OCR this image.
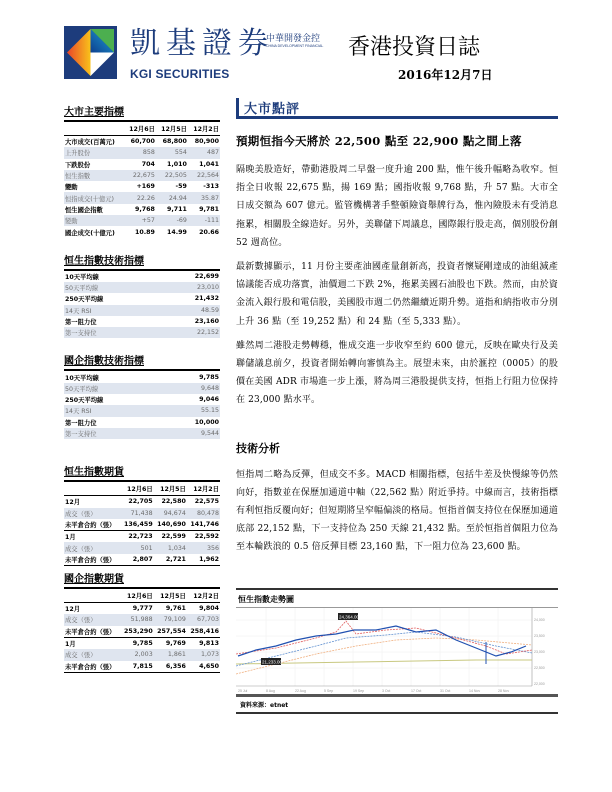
凱基證券
KGI SECURITIES
中華開發金控
CHINA DEVELOPMENT FINANCIAL 香港投資日誌
2016年12月7日
大市主要指標
	12月6日	12月5日	12月2日
大市成交(百萬元)	60,700	68,800	80,900
上升股份	858	554	487
下跌股份	704	1,010	1,041
恒生指數	22,675	22,505	22,564
變動	+169	-59	-313
恒指成交(十億元)	22.26	24.94	35.87
恒生國企指數	9,768	9,711	9,781
變動	+57	-69	-111
國企成交(十億元)	10.89	14.99	20.66
恒生指數技術指標
10天平均線	22,699
50天平均線	23,010
250天平均線	21,432
14天 RSI	48.59
第一阻力位	23,160
第一支持位	22,152
國企指數技術指標
10天平均線	9,785
50天平均線	9,648
250天平均線	9,046
14天 RSI	55.15
第一阻力位	10,000
第一支持位	9,544
恒生指數期貨
	12月6日	12月5日	12月2日
12月	22,705	22,580	22,575
成交（張）	71,438	94,674	80,478
未平倉合約（張）	136,459	140,690	141,746
1月	22,723	22,599	22,592
成交（張）	501	1,034	356
未平倉合約（張）	2,807	2,721	1,962
國企指數期貨
	12月6日	12月5日	12月2日
12月	9,777	9,761	9,804
成交（張）	51,988	79,109	67,703
未平倉合約（張）	253,290	257,554	258,416
1月	9,785	9,769	9,813
成交（張）	2,003	1,861	1,073
未平倉合約（張）	7,815	6,356	4,650
大市點評
預期恒指今天將於 22,500 點至 22,900 點之間上落

隔晚美股造好，帶動港股周二早盤一度升逾 200 點，惟午後升幅略為收窄。恒指全日收報 22,675 點，揚 169 點；國指收報 9,768 點，升 57 點。大市全日成交額為 607 億元。監管機構著手整頓險資舉牌行為，惟內險股未有受消息拖累，相關股全線造好。另外，美聯儲下周議息，國際銀行股走高，個別股份創 52 週高位。

最新數據顯示，11 月份主要產油國產量創新高，投資者懷疑剛達成的油組減產協議能否成功落實，油價週二下跌 2%，拖累美國石油股也下跌。然而，由於資金流入銀行股和電信股，美國股市週二仍然繼續近期升勢。道指和納指收市分別上升 36 點（至 19,252 點）和 24 點（至 5,333 點）。

雖然周二港股走勢轉穩，惟成交進一步收窄至約 600 億元，反映在歐央行及美聯儲議息前夕，投資者開始轉向審慎為主。展望未來，由於滙控（0005）的股價在美國 ADR 市場進一步上漲，將為周三港股提供支持，恒指上行阻力位保持在 23,000 點水平。

技術分析

恒指周二略為反彈，但成交不多。MACD 相關指標，包括牛差及快慢線等仍然向好，指數並在保歷加通道中軸（22,562 點）附近爭持。中線而言，技術指標有利恒指反覆向好；但短期將呈窄幅偏淡的格局。恒指首個支持位在保歷加通道底部 22,152 點，下一支持位為 250 天線 21,432 點。至於恒指首個阻力位為至本輪跌浪的 0.5 倍反彈目標 23,160 點，下一阻力位為 23,600 點。

恒生指數走勢圖
24,364.00
21,233.00
24,000
23,500
23,000
22,500
22,000
25 Jul	8 Aug	22 Aug	5 Sep	19 Sep	3 Oct	17 Oct	31 Oct	14 Nov	28 Nov
資料來源：etnet
